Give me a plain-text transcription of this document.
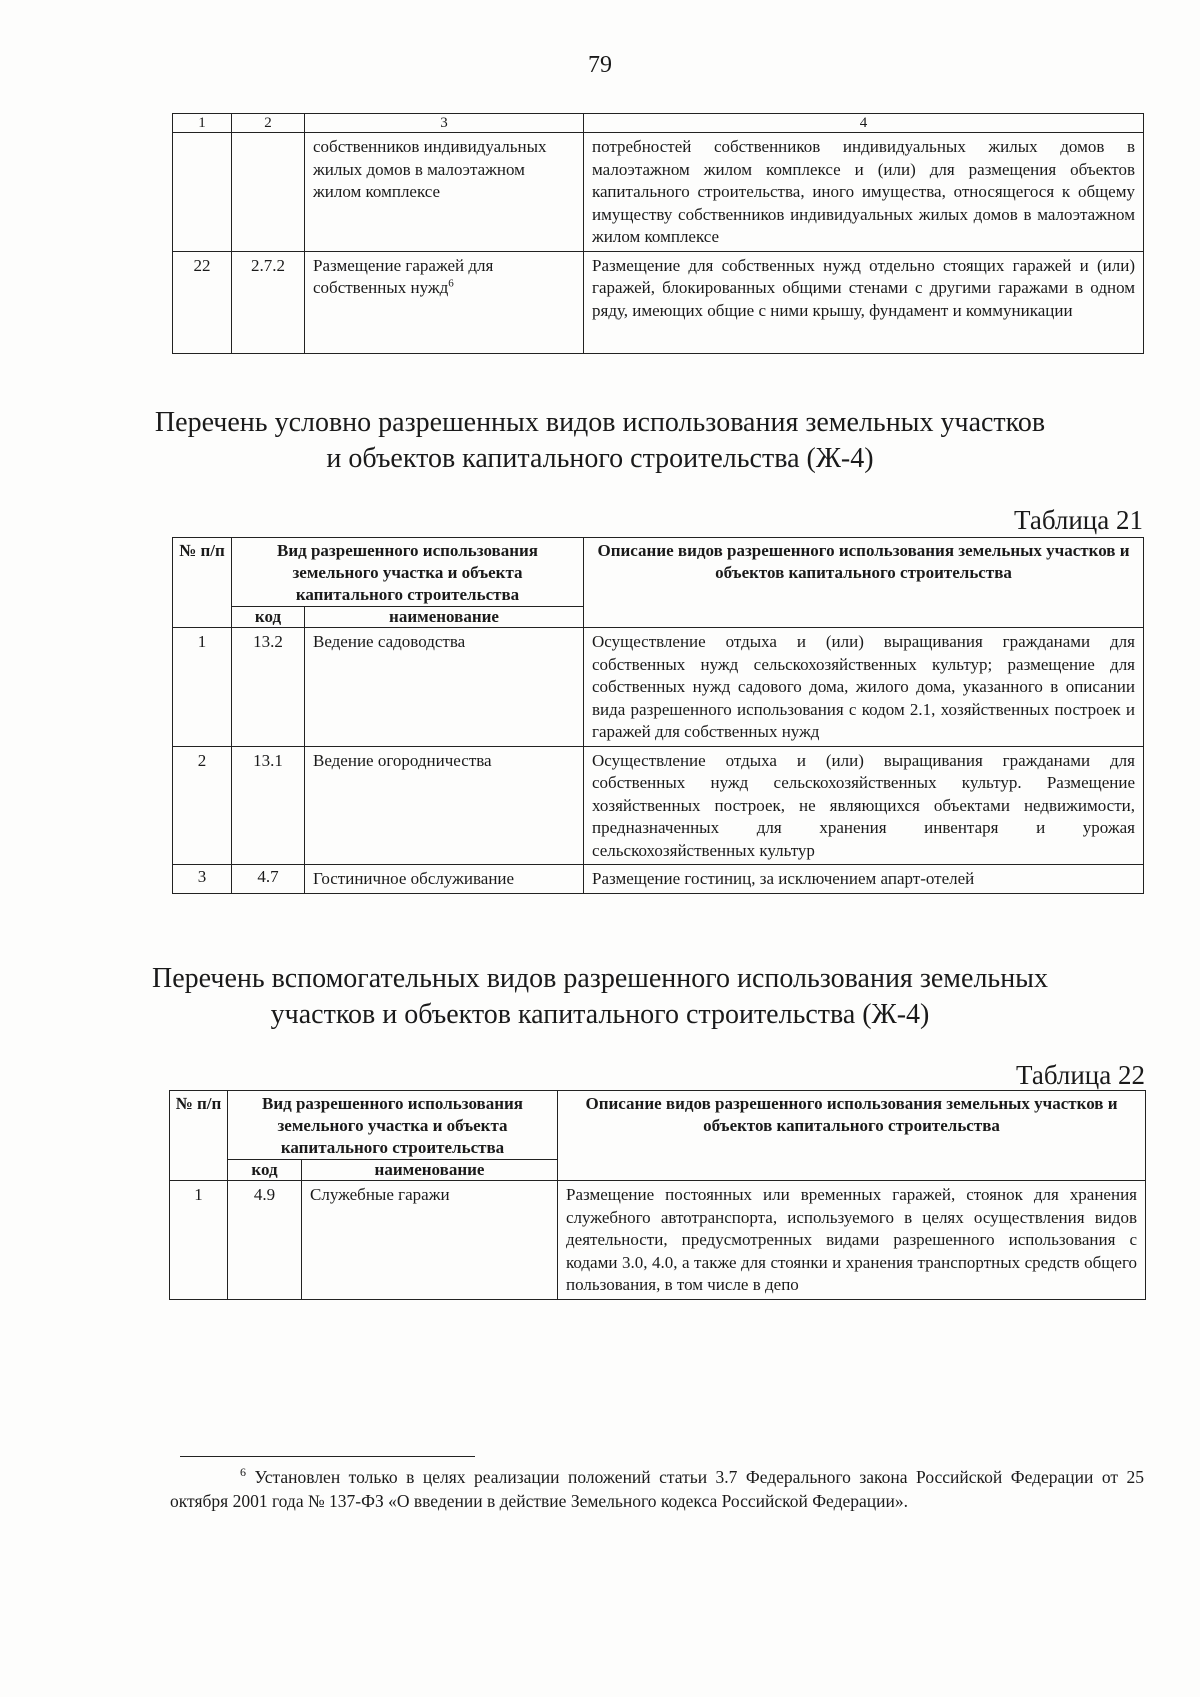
79
1	2	3	4
		собственников индивидуальных жилых домов в малоэтажном жилом комплексе	потребностей собственников индивидуальных жилых домов в малоэтажном жилом комплексе и (или) для размещения объектов капитального строительства, иного имущества, относящегося к общему имуществу собственников индивидуальных жилых домов в малоэтажном жилом комплексе
22	2.7.2	Размещение гаражей для собственных нужд$^6$	Размещение для собственных нужд отдельно стоящих гаражей и (или) гаражей, блокированных общими стенами с другими гаражами в одном ряду, имеющих общие с ними крышу, фундамент и коммуникации
Перечень условно разрешенных видов использования земельных участков
и объектов капитального строительства (Ж-4)
Таблица 21
№ п/п	Вид разрешенного использования земельного участка и объекта капитального строительства		Описание видов разрешенного использования земельных участков и объектов капитального строительства
	код	наименование	
1	13.2	Ведение садоводства	Осуществление отдыха и (или) выращивания гражданами для собственных нужд сельскохозяйственных культур; размещение для собственных нужд садового дома, жилого дома, указанного в описании вида разрешенного использования с кодом 2.1, хозяйственных построек и гаражей для собственных нужд
2	13.1	Ведение огородничества	Осуществление отдыха и (или) выращивания гражданами для собственных нужд сельскохозяйственных культур. Размещение хозяйственных построек, не являющихся объектами недвижимости, предназначенных для хранения инвентаря и урожая сельскохозяйственных культур
3	4.7	Гостиничное обслуживание	Размещение гостиниц, за исключением апарт-отелей
Перечень вспомогательных видов разрешенного использования земельных
участков и объектов капитального строительства (Ж-4)
Таблица 22
№ п/п	Вид разрешенного использования земельного участка и объекта капитального строительства		Описание видов разрешенного использования земельных участков и объектов капитального строительства
	код	наименование	
1	4.9	Служебные гаражи	Размещение постоянных или временных гаражей, стоянок для хранения служебного автотранспорта, используемого в целях осуществления видов деятельности, предусмотренных видами разрешенного использования с кодами 3.0, 4.0, а также для стоянки и хранения транспортных средств общего пользования, в том числе в депо
$^6$ Установлен только в целях реализации положений статьи 3.7 Федерального закона Российской Федерации от 25 октября 2001 года № 137-ФЗ «О введении в действие Земельного кодекса Российской Федерации».
